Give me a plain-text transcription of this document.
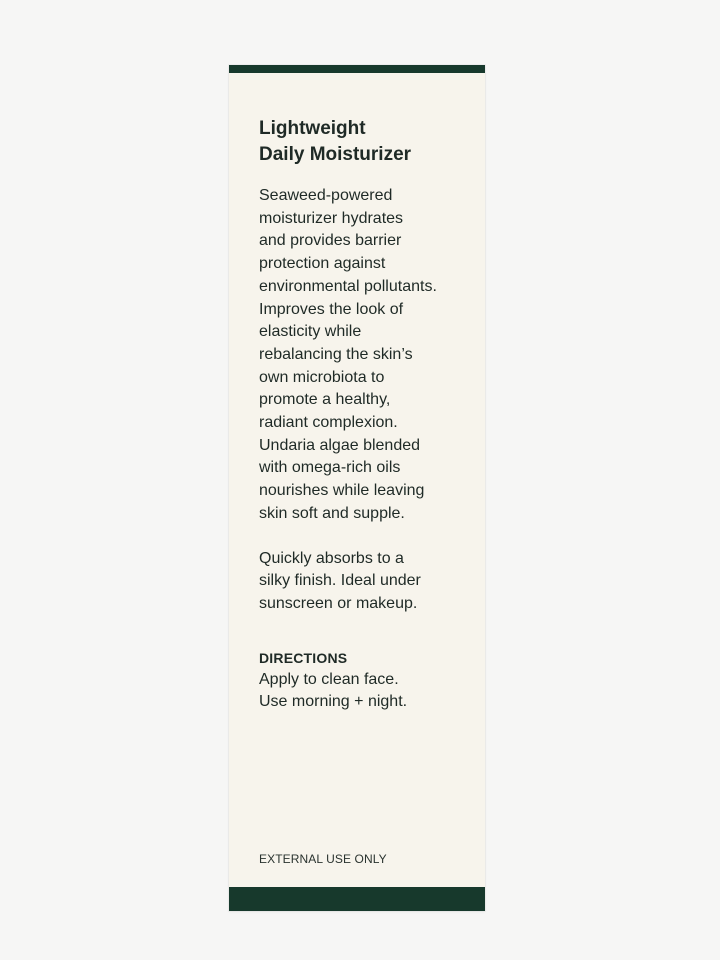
Lightweight
Daily Moisturizer

Seaweed-powered
moisturizer hydrates
and provides barrier
protection against
environmental pollutants.
Improves the look of
elasticity while
rebalancing the skin’s
own microbiota to
promote a healthy,
radiant complexion.
Undaria algae blended
with omega-rich oils
nourishes while leaving
skin soft and supple.

Quickly absorbs to a
silky finish. Ideal under
sunscreen or makeup.

DIRECTIONS
Apply to clean face.
Use morning + night.
EXTERNAL USE ONLY
